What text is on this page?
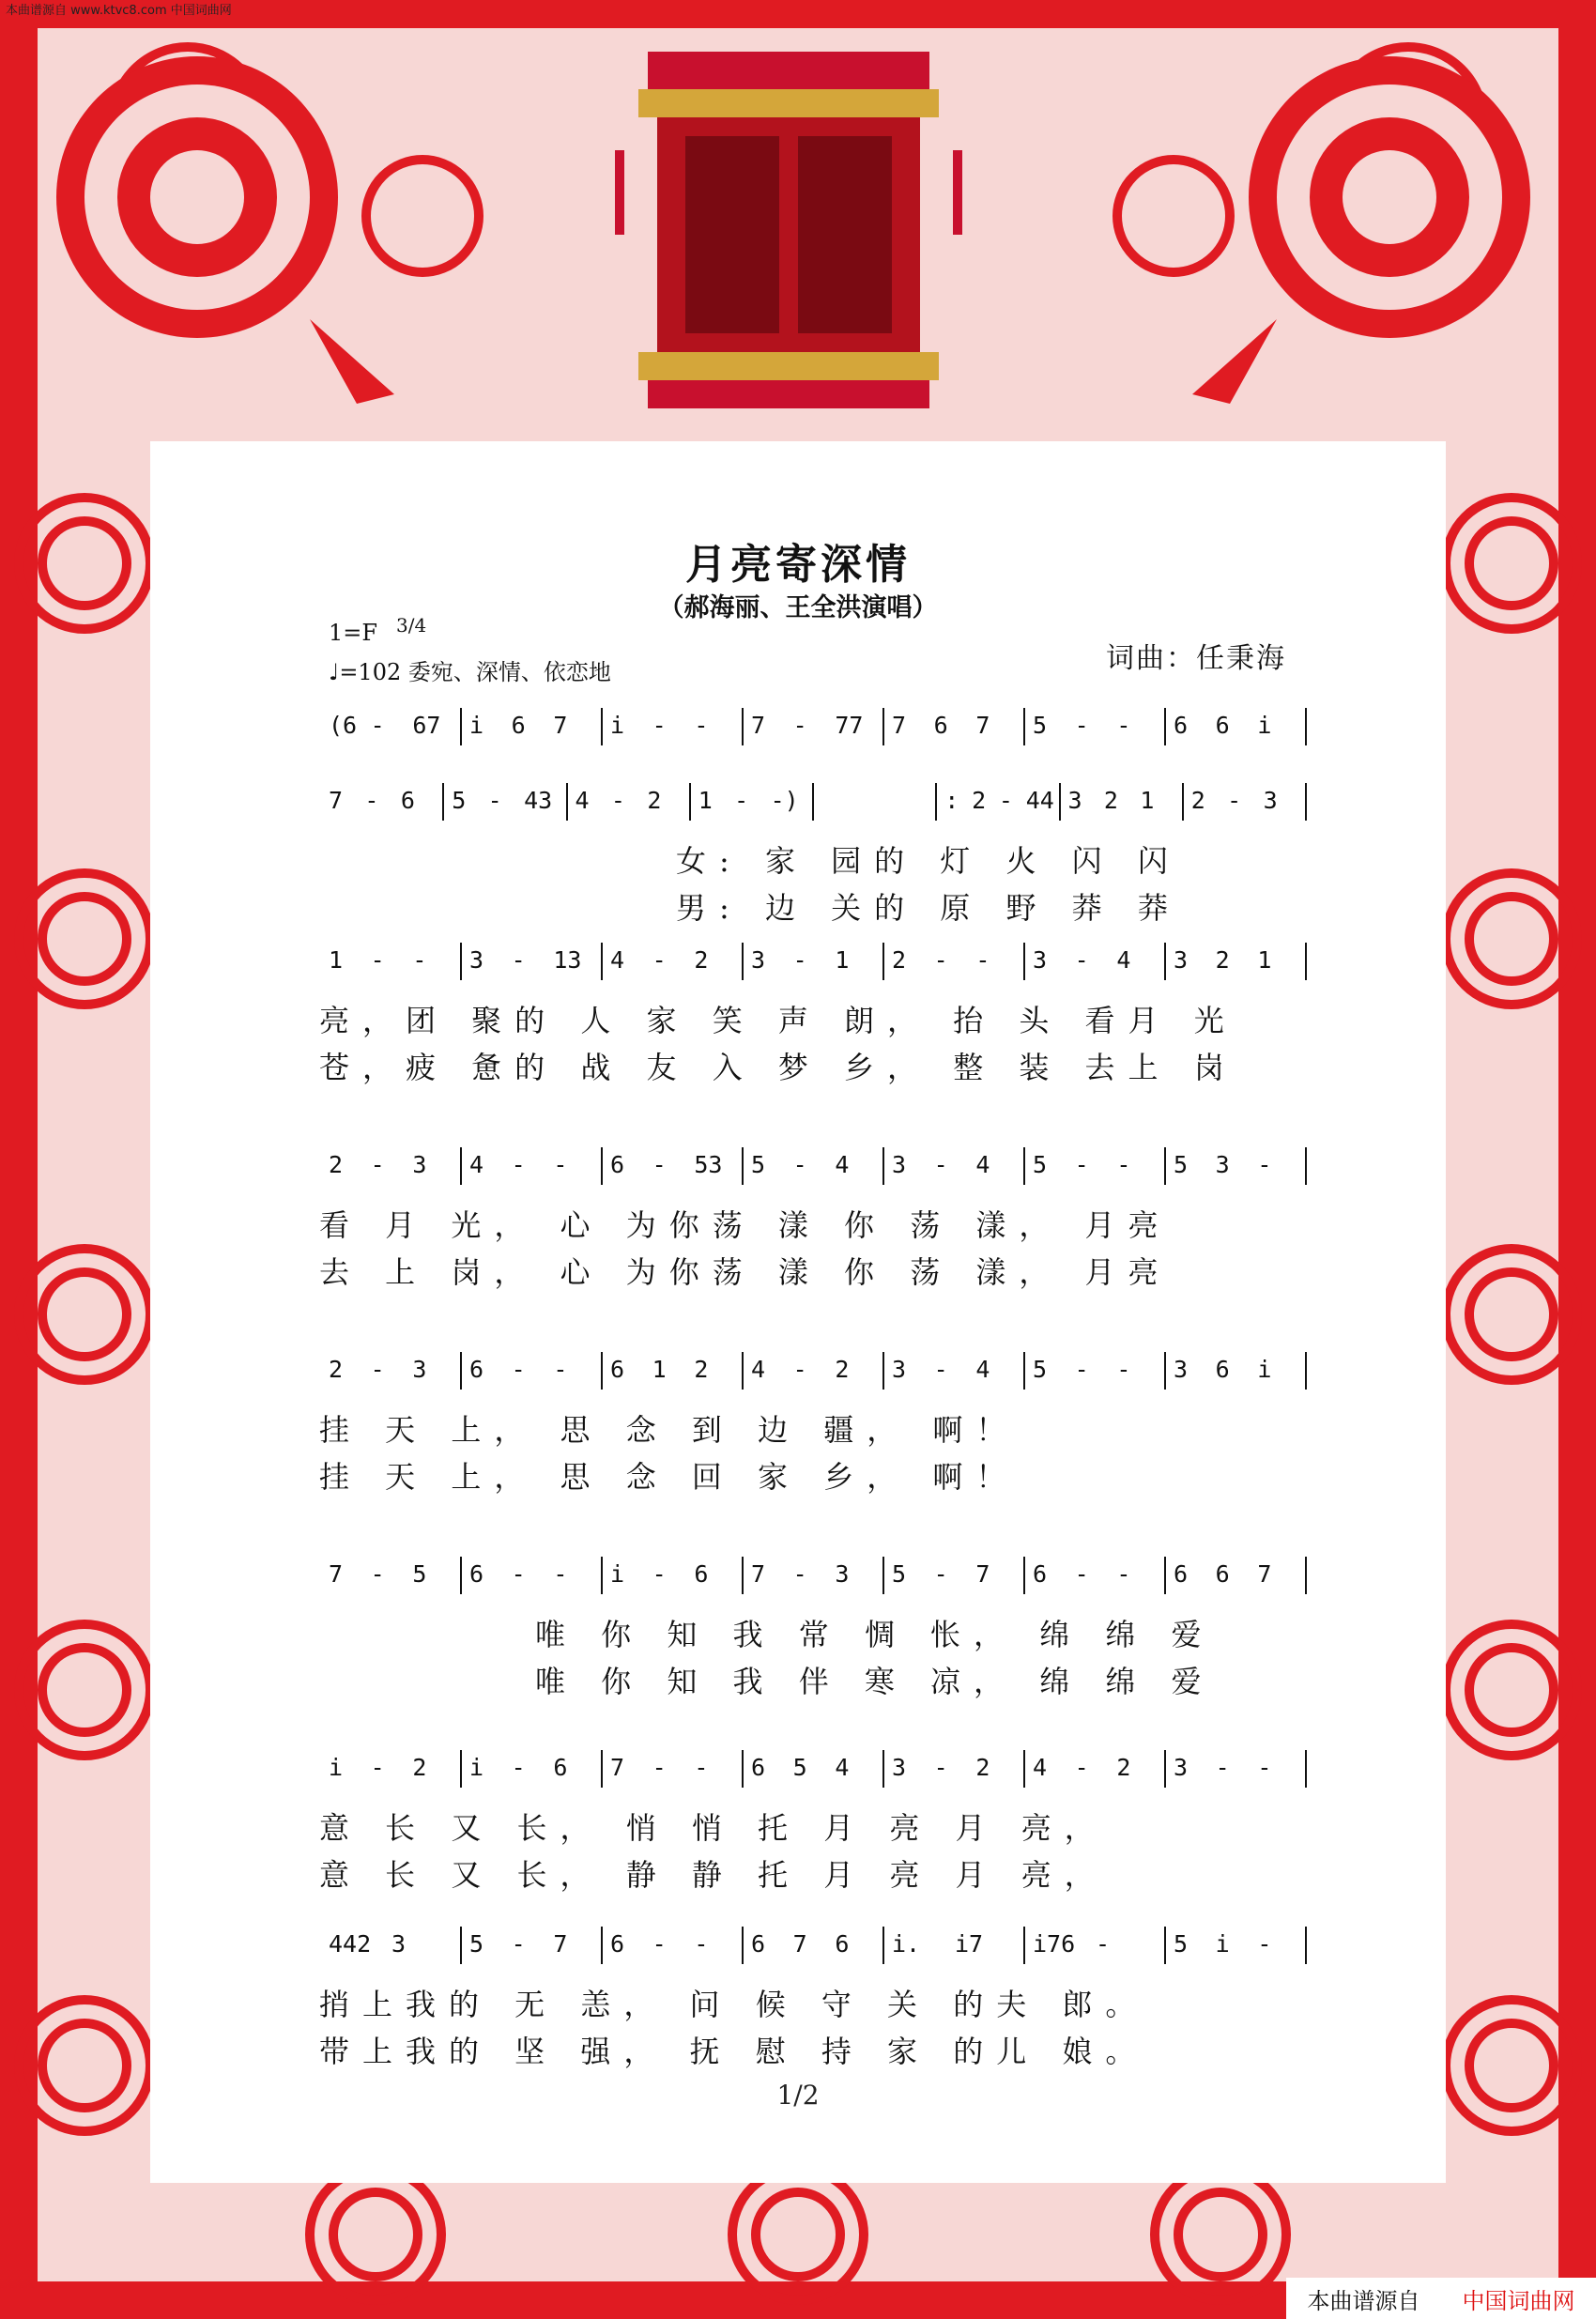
本曲谱源自 www.ktvc8.com 中国词曲网
月亮寄深情
（郝海丽、王全洪演唱）
1=F 3/4
♩=102 委宛、深情、依恋地	词曲：任秉海
(6 - 67 i 6 7 i - - 7 - 77 7 6 7 5 - - 6 6 i
7 - 6 5 - 43 4 - 2 1 - -)	: 2 - 44 3 2 1 2 - 3
女: 家 园的 灯 火 闪 闪
男: 边 关的 原 野 莽 莽
1 - - 3 - 13 4 - 2 3 - 1 2 - - 3 - 4 3 2 1
亮，团 聚的 人 家 笑 声 朗， 抬 头 看月 光
苍，疲 惫的 战 友 入 梦 乡， 整 装 去上 岗
2 - 3 4 - - 6 - 53 5 - 4 3 - 4 5 - - 5 3 -
看 月 光， 心 为你荡 漾 你 荡 漾， 月亮
去 上 岗， 心 为你荡 漾 你 荡 漾， 月亮
2 - 3 6 - - 6 1 2 4 - 2 3 - 4 5 - - 3 6 i
挂 天 上， 思 念 到 边 疆， 啊！
挂 天 上， 思 念 回 家 乡， 啊！
7 - 5 6 - - i - 6 7 - 3 5 - 7 6 - - 6 6 7
唯 你 知 我 常 惆 怅， 绵 绵 爱
唯 你 知 我 伴 寒 凉， 绵 绵 爱
i - 2 i - 6 7 - - 6 5 4 3 - 2 4 - 2 3 - -
意 长 又 长， 悄 悄 托 月 亮 月 亮，
意 长 又 长， 静 静 托 月 亮 月 亮，
442 3	5 - 7 6 - - 6 7 6 i. i7 i76 -	5 i -
捎上我的 无 恙， 问 候 守 关 的夫 郎。
带上我的 坚 强， 抚 慰 持 家 的儿 娘。
1/2
本曲谱源自 中国词曲网
